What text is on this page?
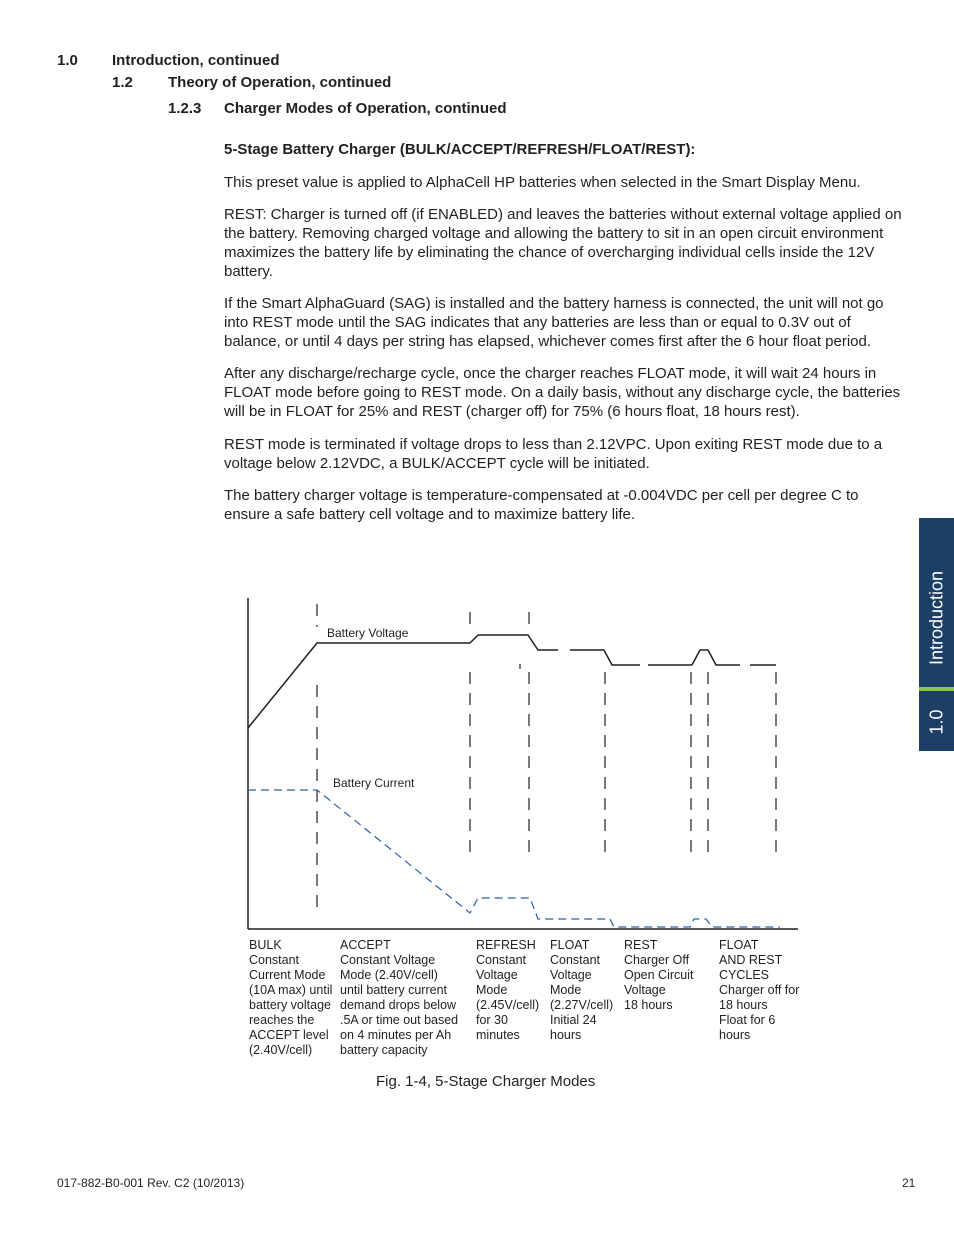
1.0 Introduction, continued
1.2 Theory of Operation, continued
1.2.3 Charger Modes of Operation, continued
5-Stage Battery Charger (BULK/ACCEPT/REFRESH/FLOAT/REST):
This preset value is applied to AlphaCell HP batteries when selected in the Smart Display Menu.
REST: Charger is turned off (if ENABLED) and leaves the batteries without external voltage applied on the battery. Removing charged voltage and allowing the battery to sit in an open circuit environment maximizes the battery life by eliminating the chance of overcharging individual cells inside the 12V battery.
If the Smart AlphaGuard (SAG) is installed and the battery harness is connected, the unit will not go into REST mode until the SAG indicates that any batteries are less than or equal to 0.3V out of balance, or until 4 days per string has elapsed, whichever comes first after the 6 hour float period.
After any discharge/recharge cycle, once the charger reaches FLOAT mode, it will wait 24 hours in FLOAT mode before going to REST mode. On a daily basis, without any discharge cycle, the batteries will be in FLOAT for 25% and REST (charger off) for 75% (6 hours float, 18 hours rest).
REST mode is terminated if voltage drops to less than 2.12VPC. Upon exiting REST mode due to a voltage below 2.12VDC, a BULK/ACCEPT cycle will be initiated.
The battery charger voltage is temperature-compensated at -0.004VDC per cell per degree C to ensure a safe battery cell voltage and to maximize battery life.
Battery Voltage
Battery Current
BULK
Constant
Current Mode
(10A max) until
battery voltage
reaches the
ACCEPT level
(2.40V/cell)
ACCEPT
Constant Voltage
Mode (2.40V/cell)
until battery current
demand drops below
.5A or time out based
on 4 minutes per Ah
battery capacity
REFRESH
Constant
Voltage
Mode
(2.45V/cell)
for 30
minutes
FLOAT
Constant
Voltage
Mode
(2.27V/cell)
Initial 24
hours
REST
Charger Off
Open Circuit
Voltage
18 hours
FLOAT
AND REST
CYCLES
Charger off for
18 hours
Float for 6
hours
Fig. 1-4, 5-Stage Charger Modes
Introduction
1.0
017-882-B0-001 Rev. C2 (10/2013)	21
